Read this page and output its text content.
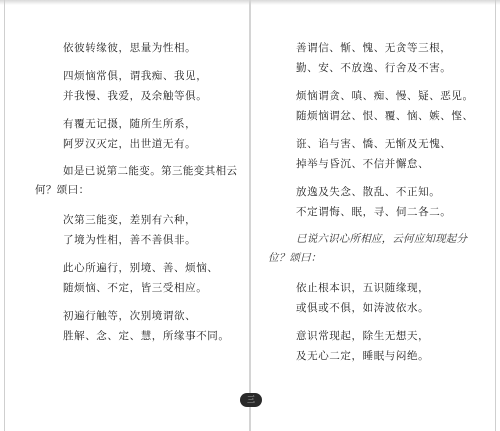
依彼转缘彼，思量为性相。

四烦恼常俱，谓我痴、我见，

并我慢、我爱，及余触等俱。

有覆无记摄，随所生所系，

阿罗汉灭定，出世道无有。

如是已说第二能变。第三能变其相云

何？颂曰：

次第三能变，差别有六种，

了境为性相，善不善俱非。

此心所遍行，别境、善、烦恼、

随烦恼、不定，皆三受相应。

初遍行触等，次别境谓欲、

胜解、念、定、慧，所缘事不同。

善谓信、惭、愧、无贪等三根，

勤、安、不放逸、行舍及不害。

烦恼谓贪、嗔、痴、慢、疑、恶见。

随烦恼谓忿、恨、覆、恼、嫉、悭、

诳、谄与害、憍、无惭及无愧、

掉举与昏沉、不信并懈怠、

放逸及失念、散乱、不正知。

不定谓悔、眠，寻、伺二各二。

已说六识心所相应，云何应知现起分

位？颂曰：

依止根本识，五识随缘现，

或俱或不俱，如涛波依水。

意识常现起，除生无想天，

及无心二定，睡眠与闷绝。

三
